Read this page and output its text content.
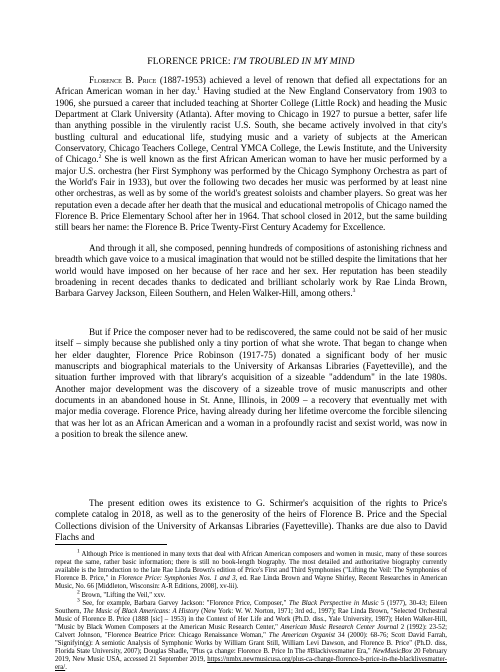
FLORENCE PRICE: I'M TROUBLED IN MY MIND

Florence B. Price (1887-1953) achieved a level of renown that defied all expectations for an African American woman in her day.$^1$ Having studied at the New England Conservatory from 1903 to 1906, she pursued a career that included teaching at Shorter College (Little Rock) and heading the Music Department at Clark University (Atlanta). After moving to Chicago in 1927 to pursue a better, safer life than anything possible in the virulently racist U.S. South, she became actively involved in that city's bustling cultural and educational life, studying music and a variety of subjects at the American Conservatory, Chicago Teachers College, Central YMCA College, the Lewis Institute, and the University of Chicago.$^2$ She is well known as the first African American woman to have her music performed by a major U.S. orchestra (her First Symphony was performed by the Chicago Symphony Orchestra as part of the World's Fair in 1933), but over the following two decades her music was performed by at least nine other orchestras, as well as by some of the world's greatest soloists and chamber players. So great was her reputation even a decade after her death that the musical and educational metropolis of Chicago named the Florence B. Price Elementary School after her in 1964. That school closed in 2012, but the same building still bears her name: the Florence B. Price Twenty-First Century Academy for Excellence.

And through it all, she composed, penning hundreds of compositions of astonishing richness and breadth which gave voice to a musical imagination that would not be stilled despite the limitations that her world would have imposed on her because of her race and her sex. Her reputation has been steadily broadening in recent decades thanks to dedicated and brilliant scholarly work by Rae Linda Brown, Barbara Garvey Jackson, Eileen Southern, and Helen Walker-Hill, among others.$^3$

But if Price the composer never had to be rediscovered, the same could not be said of her music itself – simply because she published only a tiny portion of what she wrote. That began to change when her elder daughter, Florence Price Robinson (1917-75) donated a significant body of her music manuscripts and biographical materials to the University of Arkansas Libraries (Fayetteville), and the situation further improved with that library's acquisition of a sizeable "addendum" in the late 1980s. Another major development was the discovery of a sizeable trove of music manuscripts and other documents in an abandoned house in St. Anne, Illinois, in 2009 – a recovery that eventually met with major media coverage. Florence Price, having already during her lifetime overcome the forcible silencing that was her lot as an African American and a woman in a profoundly racist and sexist world, was now in a position to break the silence anew.

The present edition owes its existence to G. Schirmer's acquisition of the rights to Price's complete catalog in 2018, as well as to the generosity of the heirs of Florence B. Price and the Special Collections division of the University of Arkansas Libraries (Fayetteville). Thanks are due also to David Flachs and

$^1$ Although Price is mentioned in many texts that deal with African American composers and women in music, many of these sources repeat the same, rather basic information; there is still no book-length biography. The most detailed and authoritative biography currently available is the Introduction to the late Rae Linda Brown's edition of Price's First and Third Symphonies ("Lifting the Veil: The Symphonies of Florence B. Price," in Florence Price: Symphonies Nos. 1 and 3, ed. Rae Linda Brown and Wayne Shirley, Recent Researches in American Music, No. 66 [Middleton, Wisconsin: A-R Editions, 2008], xv-lii).

$^2$ Brown, "Lifting the Veil," xxv.

$^3$ See, for example, Barbara Garvey Jackson: "Florence Price, Composer," The Black Perspective in Music 5 (1977), 30-43; Eileen Southern, The Music of Black Americans: A History (New York: W. W. Norton, 1971; 3rd ed., 1997); Rae Linda Brown, "Selected Orchestral Music of Florence B. Price (1888 [sic] – 1953) in the Context of Her Life and Work (Ph.D. diss., Yale University, 1987); Helen Walker-Hill, "Music by Black Women Composers at the American Music Research Center," American Music Research Center Journal 2 (1992): 23-52; Calvert Johnson, "Florence Beatrice Price: Chicago Renaissance Woman," The American Organist 34 (2000): 68-76; Scott David Farrah, "Signifyin(g): A semiotic Analysis of Symphonic Works by William Grant Still, William Levi Dawson, and Florence B. Price" (Ph.D. diss, Florida State University, 2007); Douglas Shadle, "Plus ça change: Florence B. Price In The #Blackivesmatter Era," NewMusicBox 20 February 2019, New Music USA, accessed 21 September 2019, https://nmbx.newmusicusa.org/plus-ca-change-florence-b-price-in-the-blacklivesmatter-era/.
